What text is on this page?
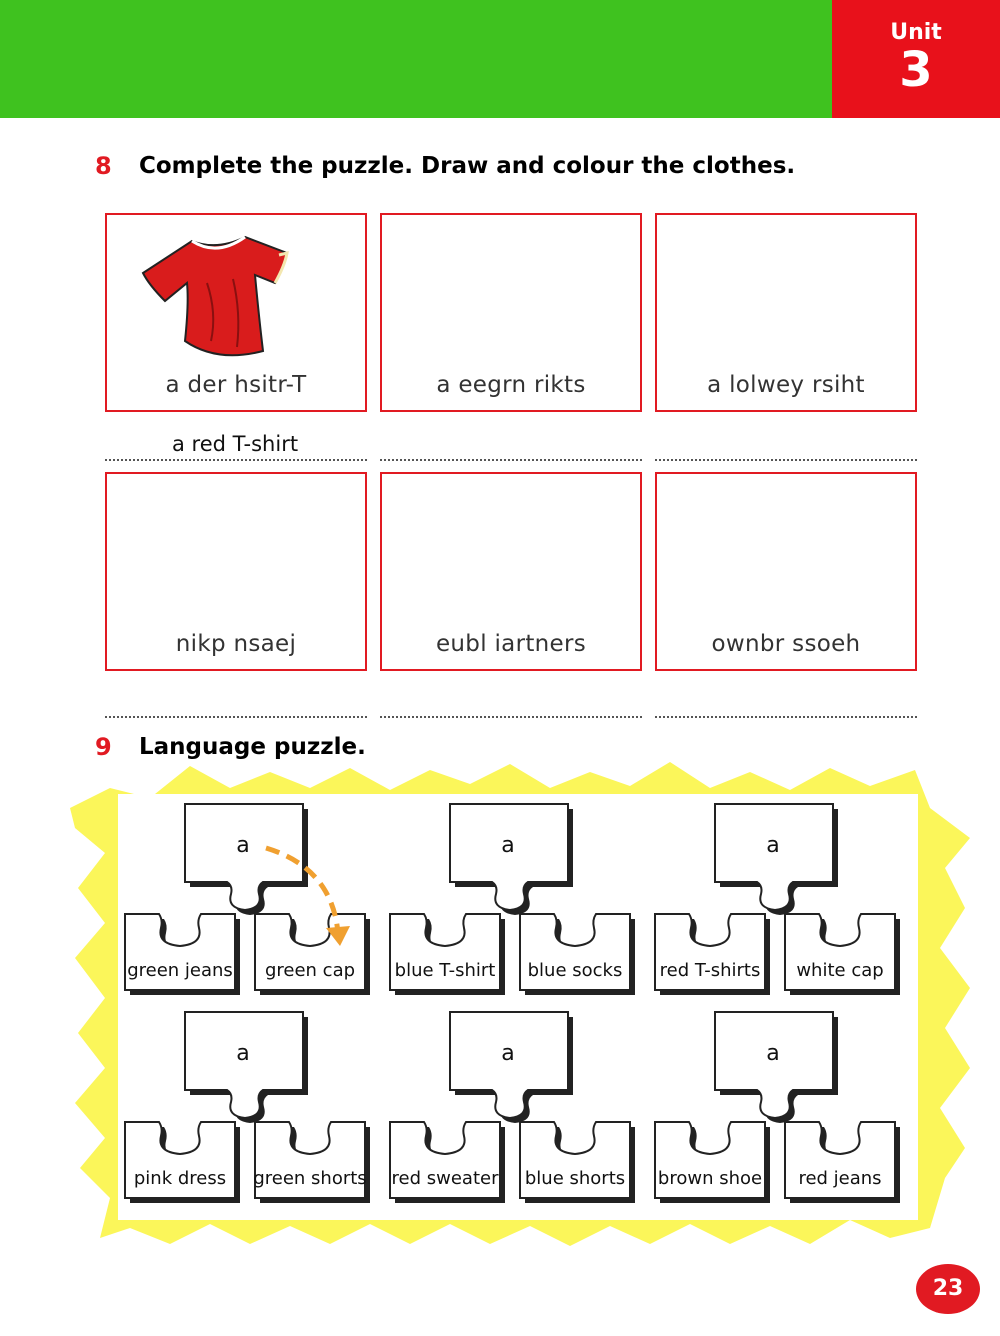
Unit
3
8 Complete the puzzle. Draw and colour the clothes.
a der hsitr-T	a eegrn rikts	a lolwey rsiht
a red T-shirt
nikp nsaej	eubl iartners	ownbr ssoeh
9 Language puzzle.
a
green jeans green cap
a
blue T-shirt blue socks
a
red T-shirts white cap
a
pink dress green shorts
a
red sweater blue shorts
a
brown shoe red jeans
23
